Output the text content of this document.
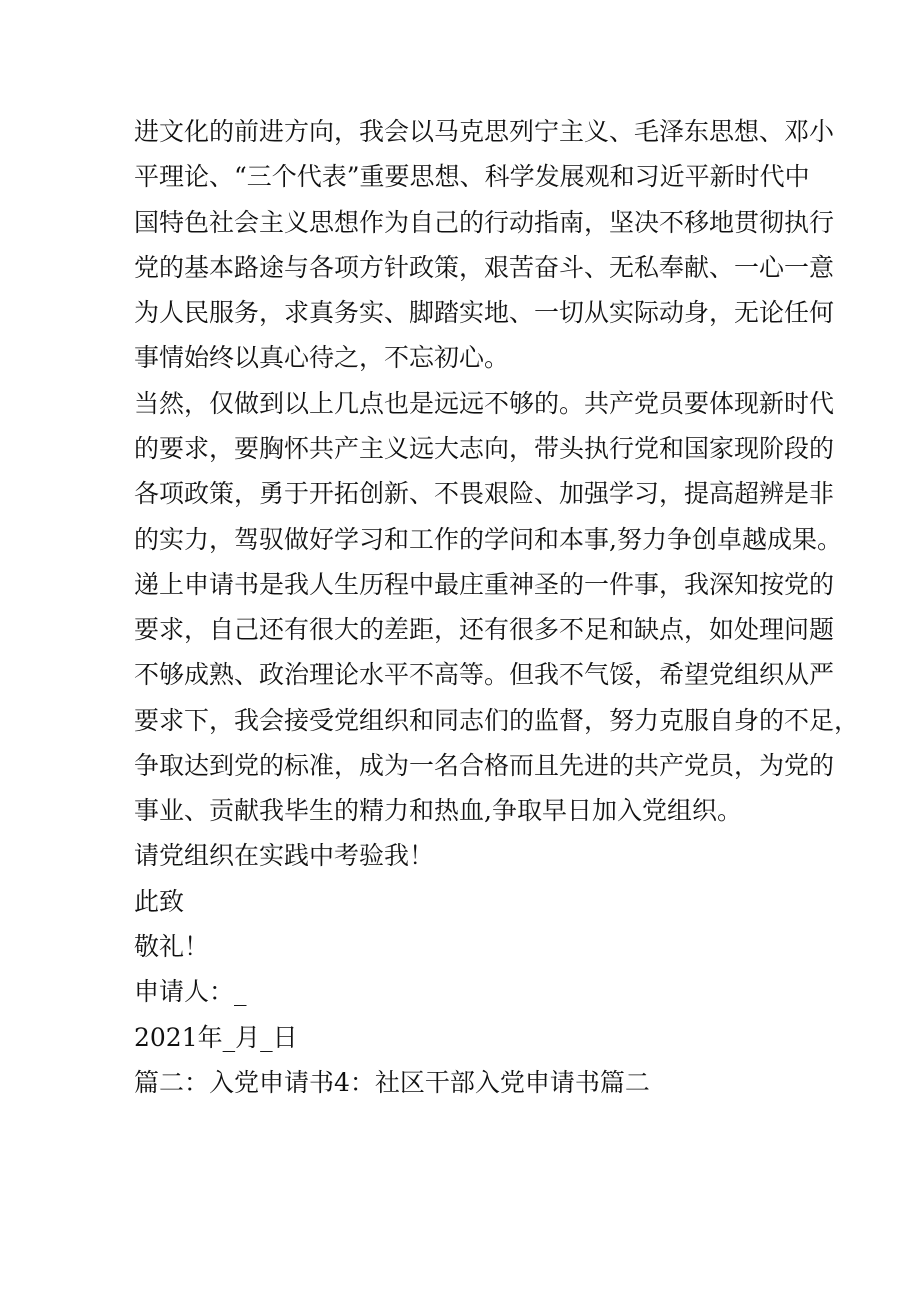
进文化的前进方向，我会以马克思列宁主义、毛泽东思想、邓小

平理论、“三个代表”重要思想、科学发展观和习近平新时代中

国特色社会主义思想作为自己的行动指南，坚决不移地贯彻执行

党的基本路途与各项方针政策，艰苦奋斗、无私奉献、一心一意

为人民服务，求真务实、脚踏实地、一切从实际动身，无论任何

事情始终以真心待之，不忘初心。

当然，仅做到以上几点也是远远不够的。共产党员要体现新时代

的要求，要胸怀共产主义远大志向，带头执行党和国家现阶段的

各项政策，勇于开拓创新、不畏艰险、加强学习，提高超辨是非

的实力，驾驭做好学习和工作的学问和本事,努力争创卓越成果。

递上申请书是我人生历程中最庄重神圣的一件事，我深知按党的

要求，自己还有很大的差距，还有很多不足和缺点，如处理问题

不够成熟、政治理论水平不高等。但我不气馁，希望党组织从严

要求下，我会接受党组织和同志们的监督，努力克服自身的不足，

争取达到党的标准，成为一名合格而且先进的共产党员，为党的

事业、贡献我毕生的精力和热血,争取早日加入党组织。

请党组织在实践中考验我！

此致

敬礼！

申请人：_

2021年_月_日

篇二：入党申请书4：社区干部入党申请书篇二
